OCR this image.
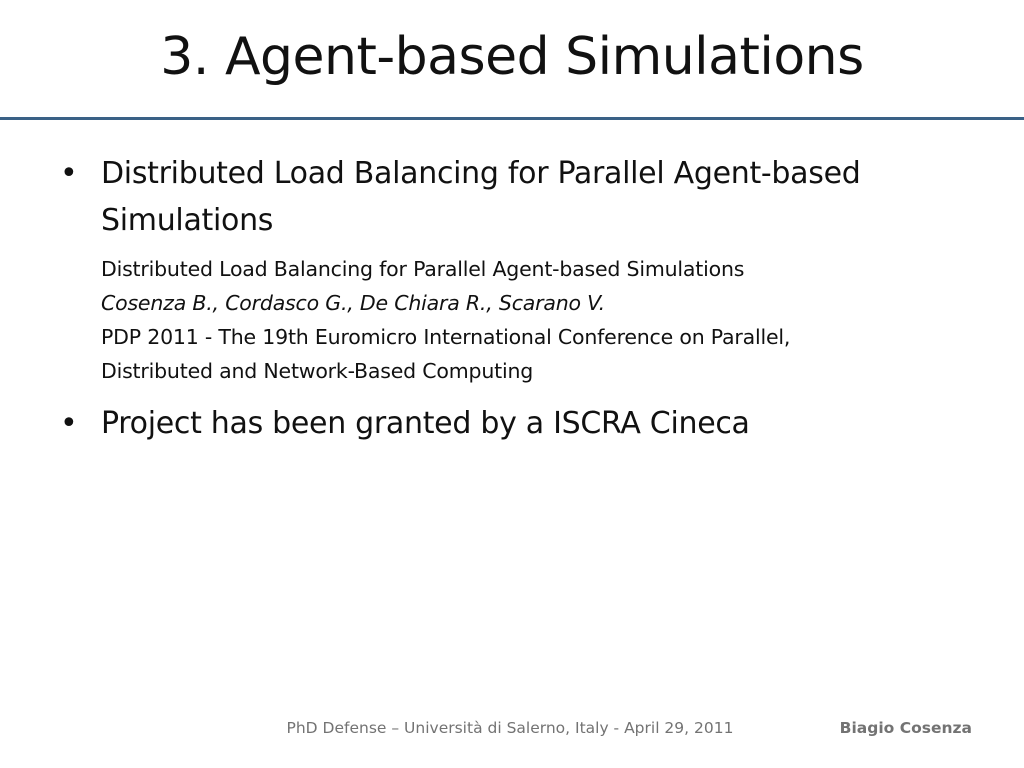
3. Agent-based Simulations
• Distributed Load Balancing for Parallel Agent-based Simulations
Distributed Load Balancing for Parallel Agent-based Simulations
Cosenza B., Cordasco G., De Chiara R., Scarano V.
PDP 2011 - The 19th Euromicro International Conference on Parallel,
Distributed and Network-Based Computing
• Project has been granted by a ISCRA Cineca
PhD Defense – Università di Salerno, Italy - April 29, 2011	Biagio Cosenza
